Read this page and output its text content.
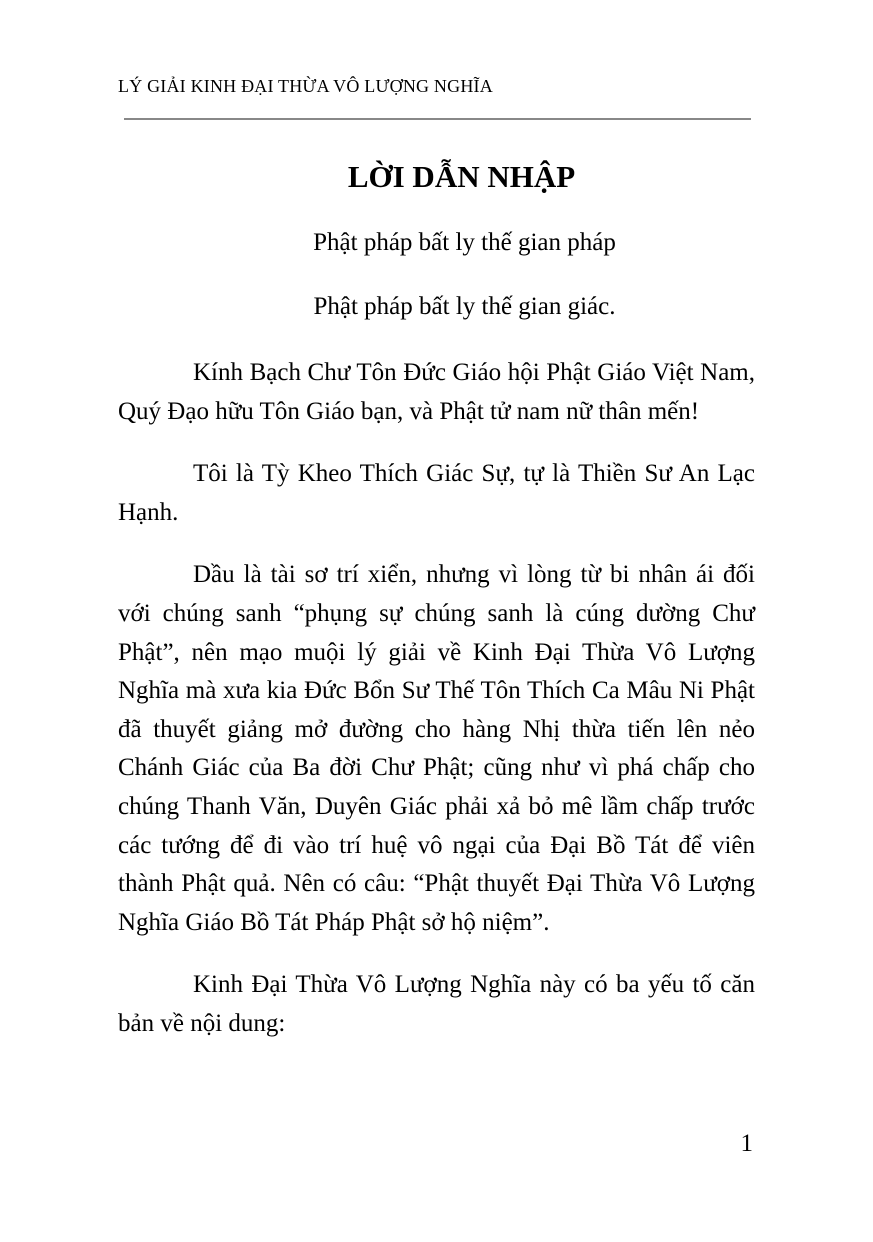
LÝ GIẢI KINH ĐẠI THỪA VÔ LƯỢNG NGHĨA
LỜI DẪN NHẬP
Phật pháp bất ly thế gian pháp
Phật pháp bất ly thế gian giác.

Kính Bạch Chư Tôn Đức Giáo hội Phật Giáo Việt Nam, Quý Đạo hữu Tôn Giáo bạn, và Phật tử nam nữ thân mến!

Tôi là Tỳ Kheo Thích Giác Sự, tự là Thiền Sư An Lạc Hạnh.

Dầu là tài sơ trí xiển, nhưng vì lòng từ bi nhân ái đối với chúng sanh “phụng sự chúng sanh là cúng dường Chư Phật”, nên mạo muội lý giải về Kinh Đại Thừa Vô Lượng Nghĩa mà xưa kia Đức Bổn Sư Thế Tôn Thích Ca Mâu Ni Phật đã thuyết giảng mở đường cho hàng Nhị thừa tiến lên nẻo Chánh Giác của Ba đời Chư Phật; cũng như vì phá chấp cho chúng Thanh Văn, Duyên Giác phải xả bỏ mê lầm chấp trước các tướng để đi vào trí huệ vô ngại của Đại Bồ Tát để viên thành Phật quả. Nên có câu: “Phật thuyết Đại Thừa Vô Lượng Nghĩa Giáo Bồ Tát Pháp Phật sở hộ niệm”.

Kinh Đại Thừa Vô Lượng Nghĩa này có ba yếu tố căn bản về nội dung:

1
